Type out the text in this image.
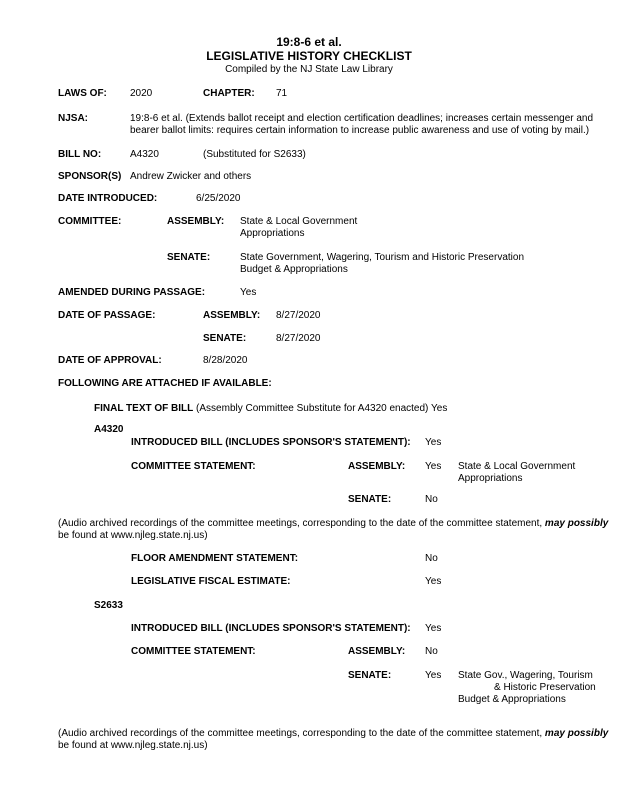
19:8-6 et al.
LEGISLATIVE HISTORY CHECKLIST
Compiled by the NJ State Law Library
LAWS OF: 2020	CHAPTER: 71
NJSA:	19:8-6 et al. (Extends ballot receipt and election certification deadlines; increases certain messenger and
bearer ballot limits: requires certain information to increase public awareness and use of voting by mail.)
BILL NO:	A4320	(Substituted for S2633)
SPONSOR(S) Andrew Zwicker and others
DATE INTRODUCED:	6/25/2020
COMMITTEE:	ASSEMBLY: State & Local Government
Appropriations
SENATE:	State Government, Wagering, Tourism and Historic Preservation
Budget & Appropriations
AMENDED DURING PASSAGE:	Yes
DATE OF PASSAGE:	ASSEMBLY: 8/27/2020
SENATE:	8/27/2020
DATE OF APPROVAL:	8/28/2020
FOLLOWING ARE ATTACHED IF AVAILABLE:
FINAL TEXT OF BILL (Assembly Committee Substitute for A4320 enacted) Yes
A4320
INTRODUCED BILL (INCLUDES SPONSOR'S STATEMENT): Yes
COMMITTEE STATEMENT:	ASSEMBLY: Yes State & Local Government
Appropriations
SENATE:	No
(Audio archived recordings of the committee meetings, corresponding to the date of the committee statement, may possibly
be found at www.njleg.state.nj.us)
FLOOR AMENDMENT STATEMENT:	No
LEGISLATIVE FISCAL ESTIMATE:	Yes
S2633
INTRODUCED BILL (INCLUDES SPONSOR'S STATEMENT): Yes
COMMITTEE STATEMENT:	ASSEMBLY: No
SENATE:	Yes State Gov., Wagering, Tourism
& Historic Preservation
Budget & Appropriations
(Audio archived recordings of the committee meetings, corresponding to the date of the committee statement, may possibly
be found at www.njleg.state.nj.us)
